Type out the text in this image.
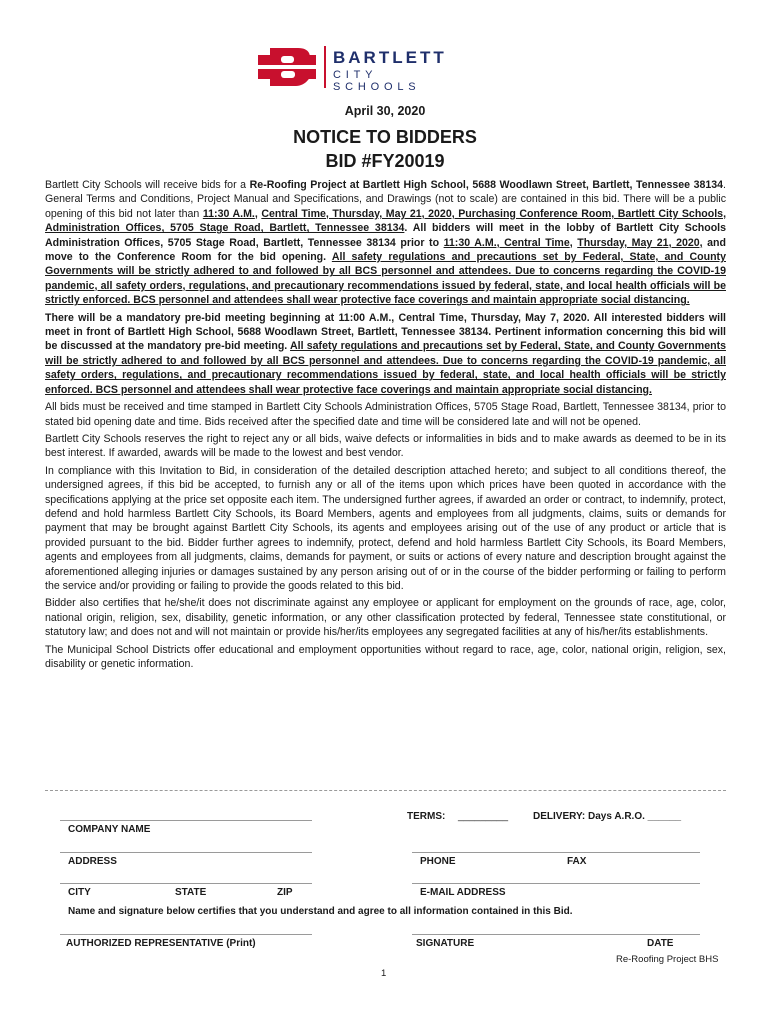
BARTLETT
CITY SCHOOLS
April 30, 2020
NOTICE TO BIDDERS
BID #FY20019

Bartlett City Schools will receive bids for a Re-Roofing Project at Bartlett High School, 5688 Woodlawn Street, Bartlett, Tennessee 38134. General Terms and Conditions, Project Manual and Specifications, and Drawings (not to scale) are contained in this bid. There will be a public opening of this bid not later than 11:30 A.M., Central Time, Thursday, May 21, 2020, Purchasing Conference Room, Bartlett City Schools, Administration Offices, 5705 Stage Road, Bartlett, Tennessee 38134. All bidders will meet in the lobby of Bartlett City Schools Administration Offices, 5705 Stage Road, Bartlett, Tennessee 38134 prior to 11:30 A.M., Central Time, Thursday, May 21, 2020, and move to the Conference Room for the bid opening. All safety regulations and precautions set by Federal, State, and County Governments will be strictly adhered to and followed by all BCS personnel and attendees. Due to concerns regarding the COVID-19 pandemic, all safety orders, regulations, and precautionary recommendations issued by federal, state, and local health officials will be strictly enforced. BCS personnel and attendees shall wear protective face coverings and maintain appropriate social distancing.

There will be a mandatory pre-bid meeting beginning at 11:00 A.M., Central Time, Thursday, May 7, 2020. All interested bidders will meet in front of Bartlett High School, 5688 Woodlawn Street, Bartlett, Tennessee 38134. Pertinent information concerning this bid will be discussed at the mandatory pre-bid meeting. All safety regulations and precautions set by Federal, State, and County Governments will be strictly adhered to and followed by all BCS personnel and attendees. Due to concerns regarding the COVID-19 pandemic, all safety orders, regulations, and precautionary recommendations issued by federal, state, and local health officials will be strictly enforced. BCS personnel and attendees shall wear protective face coverings and maintain appropriate social distancing.

All bids must be received and time stamped in Bartlett City Schools Administration Offices, 5705 Stage Road, Bartlett, Tennessee 38134, prior to stated bid opening date and time. Bids received after the specified date and time will be considered late and will not be opened.

Bartlett City Schools reserves the right to reject any or all bids, waive defects or informalities in bids and to make awards as deemed to be in its best interest. If awarded, awards will be made to the lowest and best vendor.

In compliance with this Invitation to Bid, in consideration of the detailed description attached hereto; and subject to all conditions thereof, the undersigned agrees, if this bid be accepted, to furnish any or all of the items upon which prices have been quoted in accordance with the specifications applying at the price set opposite each item. The undersigned further agrees, if awarded an order or contract, to indemnify, protect, defend and hold harmless Bartlett City Schools, its Board Members, agents and employees from all judgments, claims, suits or demands for payment that may be brought against Bartlett City Schools, its agents and employees arising out of the use of any product or article that is provided pursuant to the bid. Bidder further agrees to indemnify, protect, defend and hold harmless Bartlett City Schools, its Board Members, agents and employees from all judgments, claims, demands for payment, or suits or actions of every nature and description brought against the aforementioned alleging injuries or damages sustained by any person arising out of or in the course of the bidder performing or failing to perform the service and/or providing or failing to provide the goods related to this bid.

Bidder also certifies that he/she/it does not discriminate against any employee or applicant for employment on the grounds of race, age, color, national origin, religion, sex, disability, genetic information, or any other classification protected by federal, Tennessee state constitutional, or statutory law; and does not and will not maintain or provide his/her/its employees any segregated facilities at any of his/her/its establishments.

The Municipal School Districts offer educational and employment opportunities without regard to race, age, color, national origin, religion, sex, disability or genetic information.

TERMS: _________ DELIVERY: Days A.R.O. ______
COMPANY NAME
ADDRESS	PHONE	FAX
CITY	STATE	ZIP	E-MAIL ADDRESS
Name and signature below certifies that you understand and agree to all information contained in this Bid.
AUTHORIZED REPRESENTATIVE (Print)	SIGNATURE	DATE
Re-Roofing Project BHS
1
